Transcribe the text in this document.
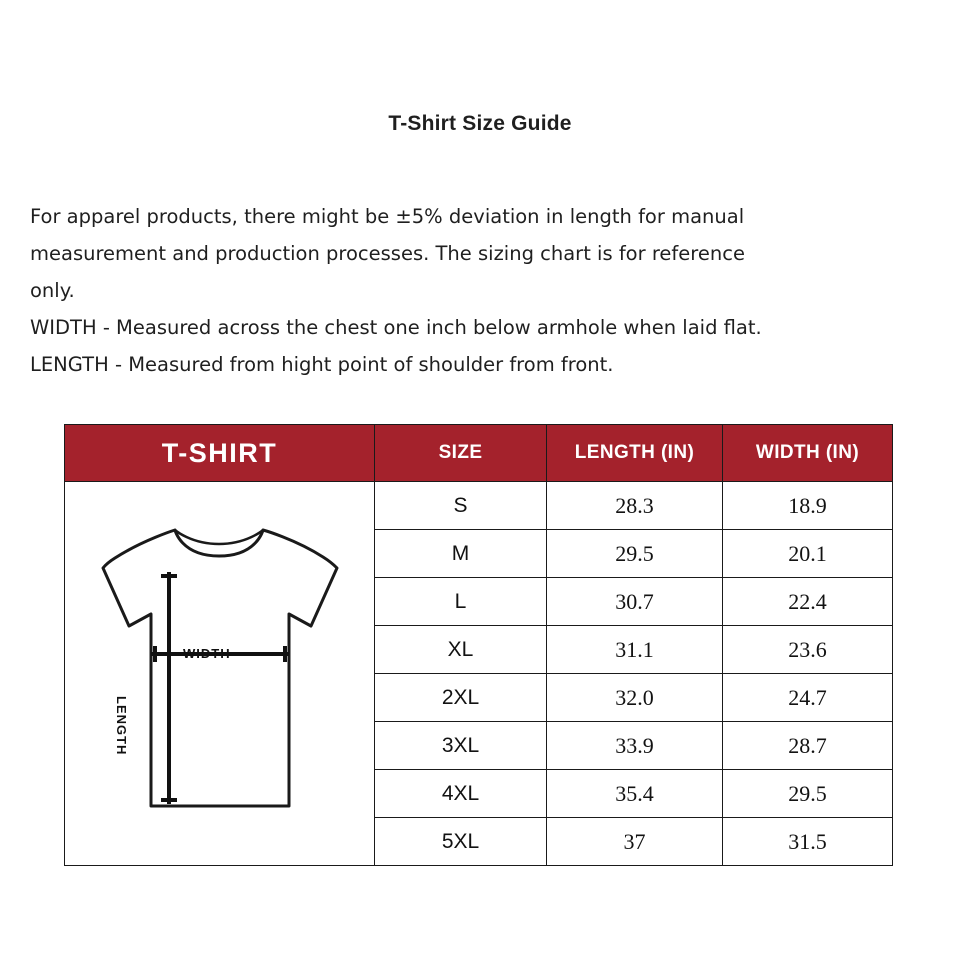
T-Shirt Size Guide

For apparel products, there might be ±5% deviation in length for manual

measurement and production processes. The sizing chart is for reference

only.

WIDTH - Measured across the chest one inch below armhole when laid flat.

LENGTH - Measured from hight point of shoulder from front.

T-SHIRT	SIZE	LENGTH (IN)	WIDTH (IN)

WIDTH
LENGTH	S	28.3	18.9
	M	29.5	20.1
	L	30.7	22.4
	XL	31.1	23.6
	2XL	32.0	24.7
	3XL	33.9	28.7
	4XL	35.4	29.5
	5XL	37	31.5
